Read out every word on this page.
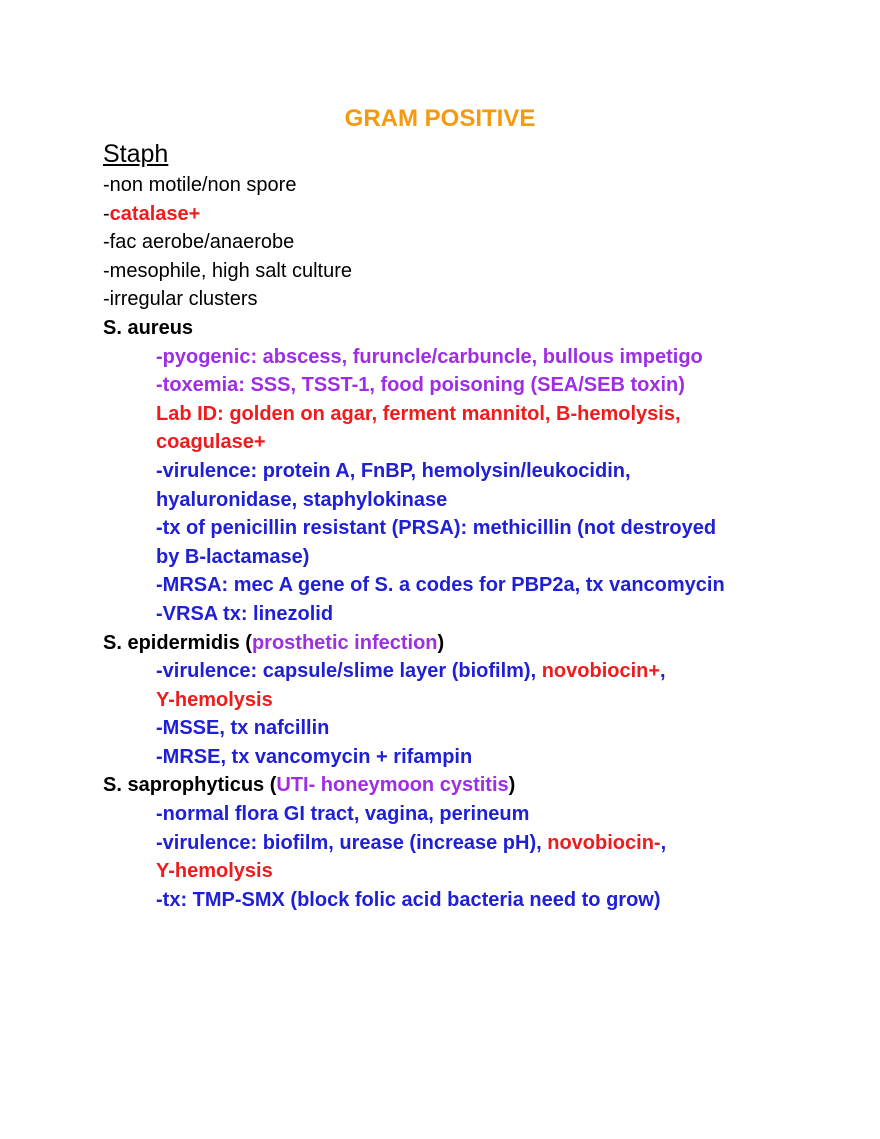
GRAM POSITIVE
Staph
-non motile/non spore
-catalase+
-fac aerobe/anaerobe
-mesophile, high salt culture
-irregular clusters
S. aureus
-pyogenic: abscess, furuncle/carbuncle, bullous impetigo
-toxemia: SSS, TSST-1, food poisoning (SEA/SEB toxin)
Lab ID: golden on agar, ferment mannitol, B-hemolysis,
coagulase+
-virulence: protein A, FnBP, hemolysin/leukocidin,
hyaluronidase, staphylokinase
-tx of penicillin resistant (PRSA): methicillin (not destroyed
by B-lactamase)
-MRSA: mec A gene of S. a codes for PBP2a, tx vancomycin
-VRSA tx: linezolid
S. epidermidis (prosthetic infection)
-virulence: capsule/slime layer (biofilm), novobiocin+,
Y-hemolysis
-MSSE, tx nafcillin
-MRSE, tx vancomycin + rifampin
S. saprophyticus (UTI- honeymoon cystitis)
-normal flora GI tract, vagina, perineum
-virulence: biofilm, urease (increase pH), novobiocin-,
Y-hemolysis
-tx: TMP-SMX (block folic acid bacteria need to grow)
